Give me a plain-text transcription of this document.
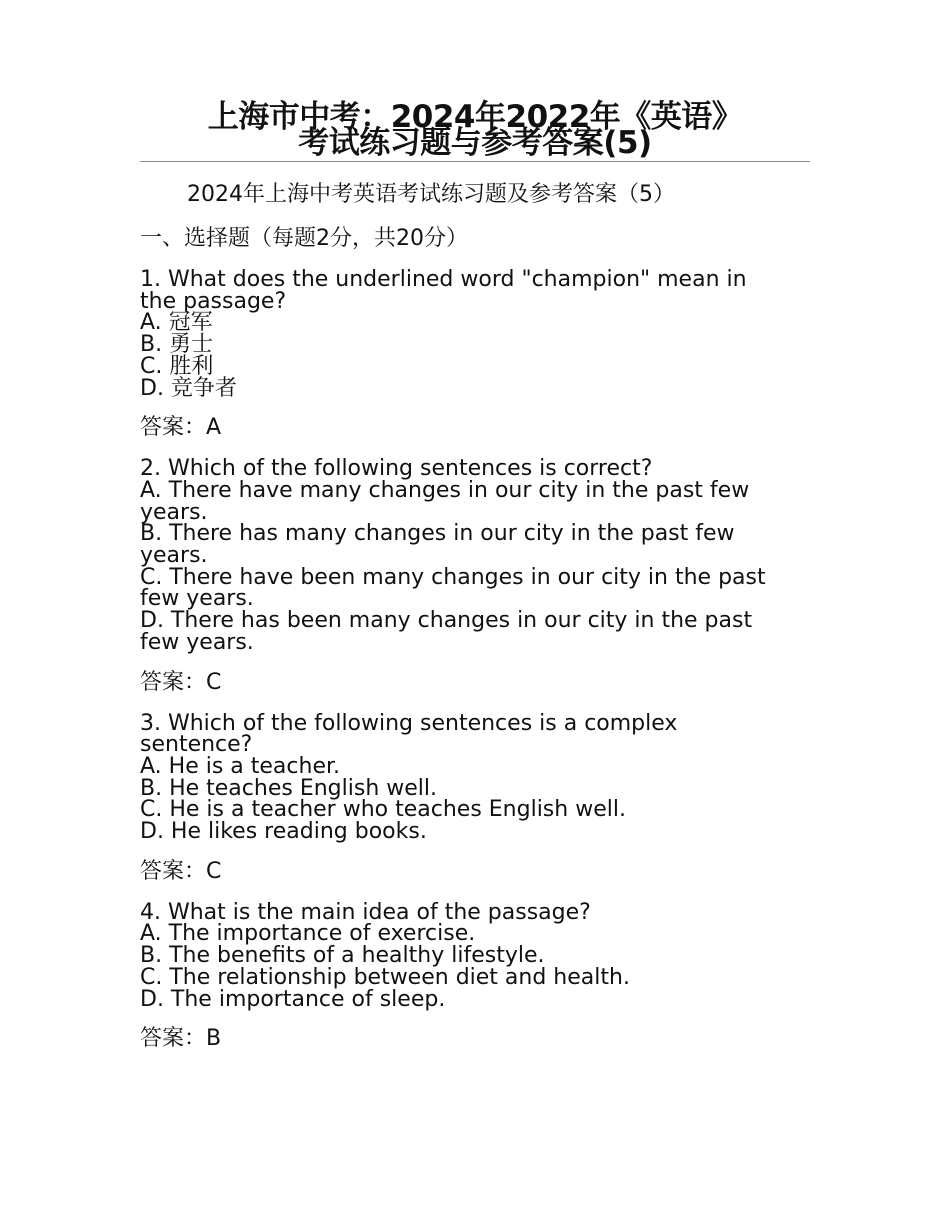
上海市中考：2024年2022年《英语》
考试练习题与参考答案(5)
2024年上海中考英语考试练习题及参考答案（5）
一、选择题（每题2分，共20分）
1. What does the underlined word "champion" mean in
the passage?
A. 冠军
B. 勇士
C. 胜利
D. 竞争者
答案：A
2. Which of the following sentences is correct?
A. There have many changes in our city in the past few
years.
B. There has many changes in our city in the past few
years.
C. There have been many changes in our city in the past
few years.
D. There has been many changes in our city in the past
few years.
答案：C
3. Which of the following sentences is a complex
sentence?
A. He is a teacher.
B. He teaches English well.
C. He is a teacher who teaches English well.
D. He likes reading books.
答案：C
4. What is the main idea of the passage?
A. The importance of exercise.
B. The benefits of a healthy lifestyle.
C. The relationship between diet and health.
D. The importance of sleep.
答案：B
